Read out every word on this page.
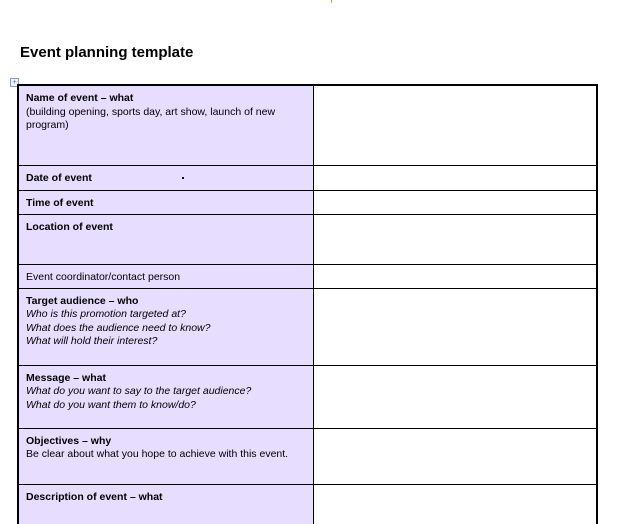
Event planning template
+
Name of event – what
(building opening, sports day, art show, launch of new program)	

Date of event	

Time of event	

Location of event	

Event coordinator/contact person	

Target audience – who
Who is this promotion targeted at?
What does the audience need to know?
What will hold their interest?	

Message – what
What do you want to say to the target audience?
What do you want them to know/do?	

Objectives – why
Be clear about what you hope to achieve with this event.	

Description of event – what	
